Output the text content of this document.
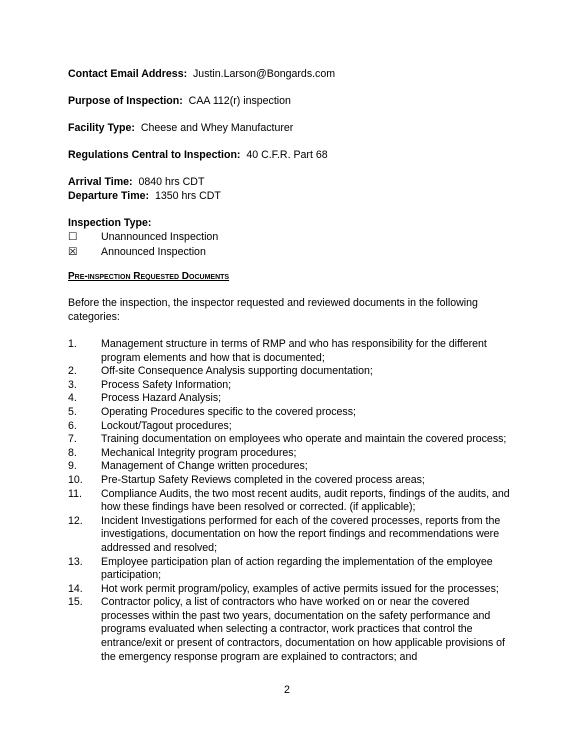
Contact Email Address: Justin.Larson@Bongards.com

Purpose of Inspection: CAA 112(r) inspection

Facility Type: Cheese and Whey Manufacturer

Regulations Central to Inspection: 40 C.F.R. Part 68

Arrival Time: 0840 hrs CDT

Departure Time: 1350 hrs CDT

Inspection Type:

☐	Unannounced Inspection
☒	Announced Inspection
Pre-inspection Requested Documents
Before the inspection, the inspector requested and reviewed documents in the following categories:
1.	Management structure in terms of RMP and who has responsibility for the different program elements and how that is documented;
2.	Off-site Consequence Analysis supporting documentation;
3.	Process Safety Information;
4.	Process Hazard Analysis;
5.	Operating Procedures specific to the covered process;
6.	Lockout/Tagout procedures;
7.	Training documentation on employees who operate and maintain the covered process;
8.	Mechanical Integrity program procedures;
9.	Management of Change written procedures;
10.	Pre-Startup Safety Reviews completed in the covered process areas;
11.	Compliance Audits, the two most recent audits, audit reports, findings of the audits, and how these findings have been resolved or corrected. (if applicable);
12.	Incident Investigations performed for each of the covered processes, reports from the investigations, documentation on how the report findings and recommendations were addressed and resolved;
13.	Employee participation plan of action regarding the implementation of the employee participation;
14.	Hot work permit program/policy, examples of active permits issued for the processes;
15.	Contractor policy, a list of contractors who have worked on or near the covered processes within the past two years, documentation on the safety performance and programs evaluated when selecting a contractor, work practices that control the entrance/exit or present of contractors, documentation on how applicable provisions of the emergency response program are explained to contractors; and
2
